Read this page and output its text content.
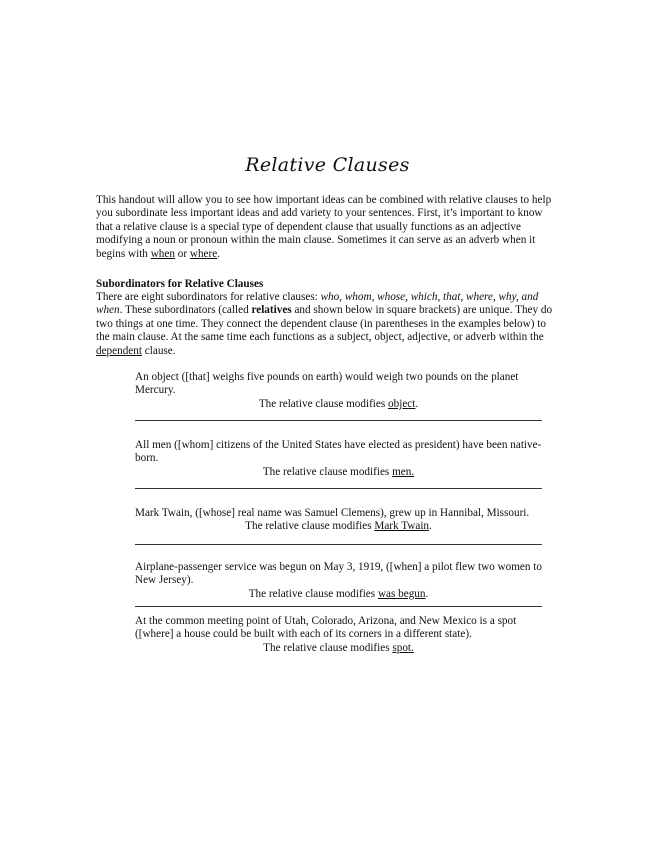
Relative Clauses

This handout will allow you to see how important ideas can be combined with relative clauses to help you subordinate less important ideas and add variety to your sentences. First, it’s important to know that a relative clause is a special type of dependent clause that usually functions as an adjective modifying a noun or pronoun within the main clause. Sometimes it can serve as an adverb when it begins with when or where.

Subordinators for Relative Clauses

There are eight subordinators for relative clauses: who, whom, whose, which, that, where, why, and when. These subordinators (called relatives and shown below in square brackets) are unique. They do two things at one time. They connect the dependent clause (in parentheses in the examples below) to the main clause. At the same time each functions as a subject, object, adjective, or adverb within the dependent clause.

An object ([that] weighs five pounds on earth) would weigh two pounds on the planet Mercury.

The relative clause modifies object.

All men ([whom] citizens of the United States have elected as president) have been native-born.

The relative clause modifies men.

Mark Twain, ([whose] real name was Samuel Clemens), grew up in Hannibal, Missouri.

The relative clause modifies Mark Twain.

Airplane-passenger service was begun on May 3, 1919, ([when] a pilot flew two women to New Jersey).

The relative clause modifies was begun.

At the common meeting point of Utah, Colorado, Arizona, and New Mexico is a spot ([where] a house could be built with each of its corners in a different state).

The relative clause modifies spot.
